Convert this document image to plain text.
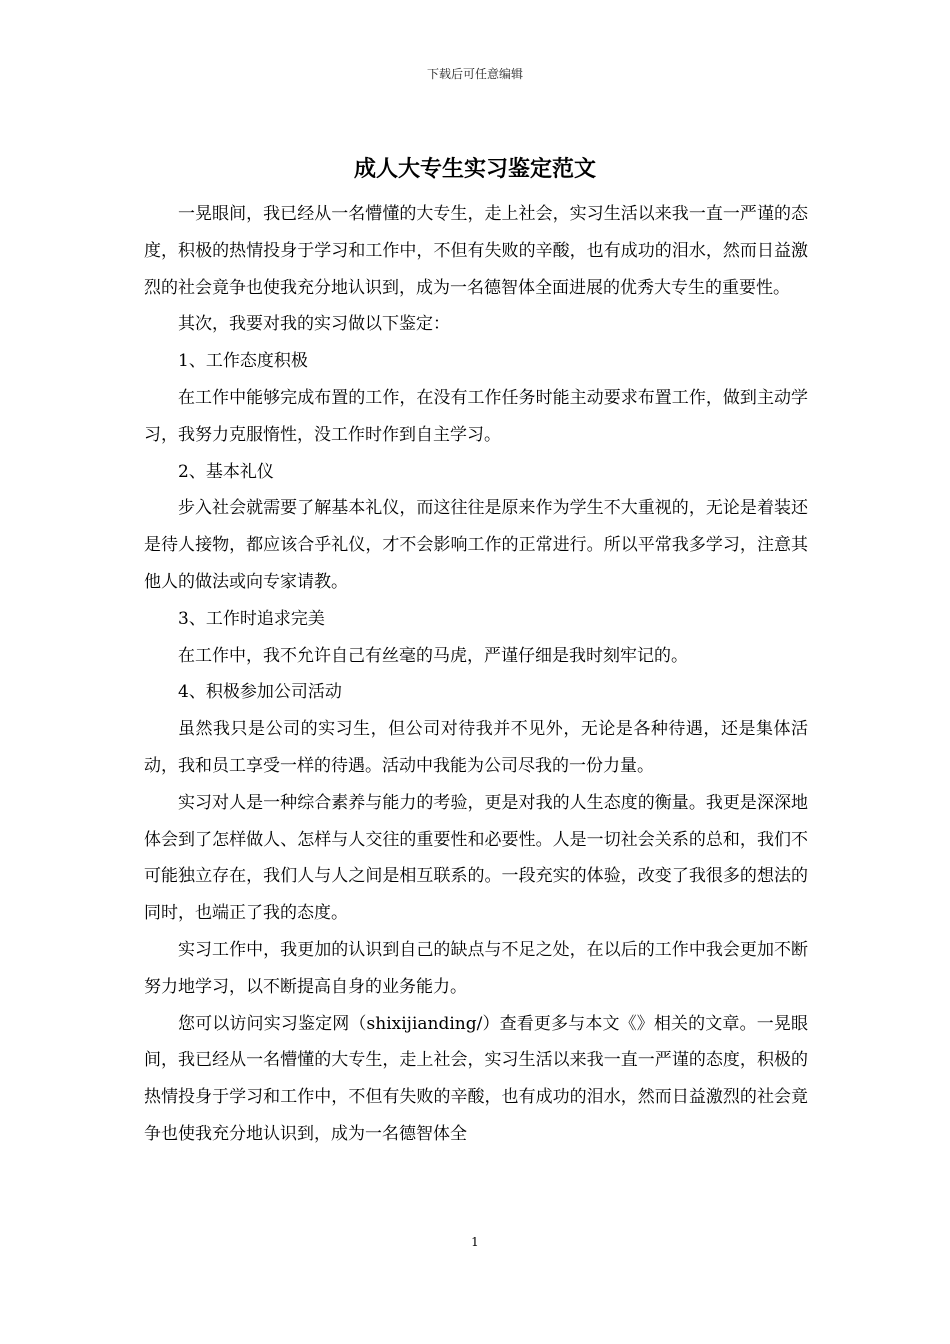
下载后可任意编辑
成人大专生实习鉴定范文

一晃眼间，我已经从一名懵懂的大专生，走上社会，实习生活以来我一直一严谨的态度，积极的热情投身于学习和工作中，不但有失败的辛酸，也有成功的泪水，然而日益激烈的社会竟争也使我充分地认识到，成为一名德智体全面进展的优秀大专生的重要性。

其次，我要对我的实习做以下鉴定：

1、工作态度积极

在工作中能够完成布置的工作，在没有工作任务时能主动要求布置工作，做到主动学习，我努力克服惰性，没工作时作到自主学习。

2、基本礼仪

步入社会就需要了解基本礼仪，而这往往是原来作为学生不大重视的，无论是着装还是待人接物，都应该合乎礼仪，才不会影响工作的正常进行。所以平常我多学习，注意其他人的做法或向专家请教。

3、工作时追求完美

在工作中，我不允许自己有丝毫的马虎，严谨仔细是我时刻牢记的。

4、积极参加公司活动

虽然我只是公司的实习生，但公司对待我并不见外，无论是各种待遇，还是集体活动，我和员工享受一样的待遇。活动中我能为公司尽我的一份力量。

实习对人是一种综合素养与能力的考验，更是对我的人生态度的衡量。我更是深深地体会到了怎样做人、怎样与人交往的重要性和必要性。人是一切社会关系的总和，我们不可能独立存在，我们人与人之间是相互联系的。一段充实的体验，改变了我很多的想法的同时，也端正了我的态度。

实习工作中，我更加的认识到自己的缺点与不足之处，在以后的工作中我会更加不断努力地学习，以不断提高自身的业务能力。

您可以访问实习鉴定网（shixijianding/）查看更多与本文《》相关的文章。一晃眼间，我已经从一名懵懂的大专生，走上社会，实习生活以来我一直一严谨的态度，积极的热情投身于学习和工作中，不但有失败的辛酸，也有成功的泪水，然而日益激烈的社会竟争也使我充分地认识到，成为一名德智体全

1
